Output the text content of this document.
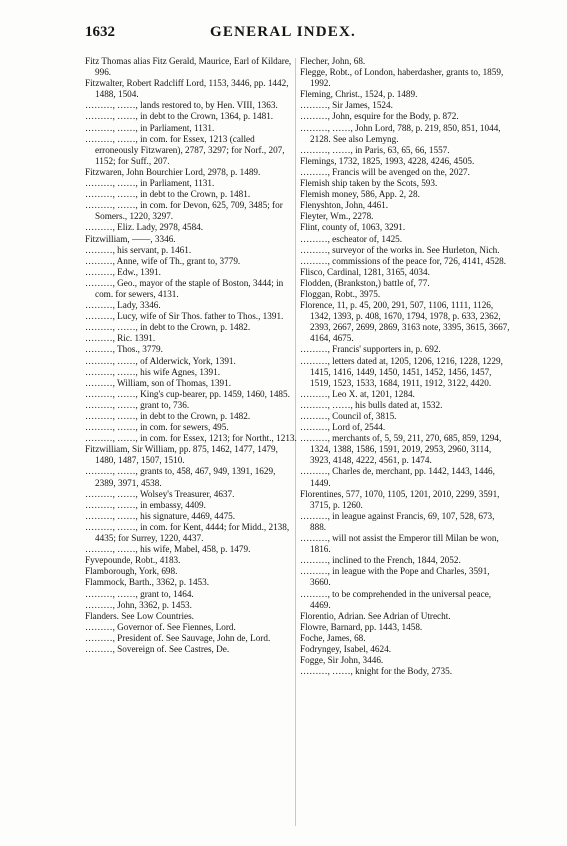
1632	GENERAL INDEX.
Fitz Thomas alias Fitz Gerald, Maurice, Earl of Kildare, 996.
Fitzwalter, Robert Radcliff Lord, 1153, 3446, pp. 1442, 1488, 1504.
………, ……, lands restored to, by Hen. VIII, 1363.
………, ……, in debt to the Crown, 1364, p. 1481.
………, ……, in Parliament, 1131.
………, ……, in com. for Essex, 1213 (called erroneously Fitzwaren), 2787, 3297; for Norf., 207, 1152; for Suff., 207.
Fitzwaren, John Bourchier Lord, 2978, p. 1489.
………, ……, in Parliament, 1131.
………, ……, in debt to the Crown, p. 1481.
………, ……, in com. for Devon, 625, 709, 3485; for Somers., 1220, 3297.
………, Eliz. Lady, 2978, 4584.
Fitzwilliam, ——, 3346.
………, his servant, p. 1461.
………, Anne, wife of Th., grant to, 3779.
………, Edw., 1391.
………, Geo., mayor of the staple of Boston, 3444; in com. for sewers, 4131.
………, Lady, 3346.
………, Lucy, wife of Sir Thos. father to Thos., 1391.
………, ……, in debt to the Crown, p. 1482.
………, Ric. 1391.
………, Thos., 3779.
………, ……, of Alderwick, York, 1391.
………, ……, his wife Agnes, 1391.
………, William, son of Thomas, 1391.
………, ……, King's cup-bearer, pp. 1459, 1460, 1485.
………, ……, grant to, 736.
………, ……, in debt to the Crown, p. 1482.
………, ……, in com. for sewers, 495.
………, ……, in com. for Essex, 1213; for Northt., 1213.
Fitzwilliam, Sir William, pp. 875, 1462, 1477, 1479, 1480, 1487, 1507, 1510.
………, ……, grants to, 458, 467, 949, 1391, 1629, 2389, 3971, 4538.
………, ……, Wolsey's Treasurer, 4637.
………, ……, in embassy, 4409.
………, ……, his signature, 4469, 4475.
………, ……, in com. for Kent, 4444; for Midd., 2138, 4435; for Surrey, 1220, 4437.
………, ……, his wife, Mabel, 458, p. 1479.
Fyvepounde, Robt., 4183.
Flamborough, York, 698.
Flammock, Barth., 3362, p. 1453.
………, ……, grant to, 1464.
………, John, 3362, p. 1453.
Flanders. See Low Countries.
………, Governor of. See Fiennes, Lord.
………, President of. See Sauvage, John de, Lord.
………, Sovereign of. See Castres, De.
Flecher, John, 68.
Flegge, Robt., of London, haberdasher, grants to, 1859, 1992.
Fleming, Christ., 1524, p. 1489.
………, Sir James, 1524.
………, John, esquire for the Body, p. 872.
………, ……, John Lord, 788, p. 219, 850, 851, 1044, 2128. See also Lemyng.
………, ……, in Paris, 63, 65, 66, 1557.
Flemings, 1732, 1825, 1993, 4228, 4246, 4505.
………, Francis will be avenged on the, 2027.
Flemish ship taken by the Scots, 593.
Flemish money, 586, App. 2, 28.
Flenyshton, John, 4461.
Fleyter, Wm., 2278.
Flint, county of, 1063, 3291.
………, escheator of, 1425.
………, surveyor of the works in. See Hurleton, Nich.
………, commissions of the peace for, 726, 4141, 4528.
Flisco, Cardinal, 1281, 3165, 4034.
Flodden, (Brankston,) battle of, 77.
Floggan, Robt., 3975.
Florence, 11, p. 45, 200, 291, 507, 1106, 1111, 1126, 1342, 1393, p. 408, 1670, 1794, 1978, p. 633, 2362, 2393, 2667, 2699, 2869, 3163 note, 3395, 3615, 3667, 4164, 4675.
………, Francis' supporters in, p. 692.
………, letters dated at, 1205, 1206, 1216, 1228, 1229, 1415, 1416, 1449, 1450, 1451, 1452, 1456, 1457, 1519, 1523, 1533, 1684, 1911, 1912, 3122, 4420.
………, Leo X. at, 1201, 1284.
………, ……, his bulls dated at, 1532.
………, Council of, 3815.
………, Lord of, 2544.
………, merchants of, 5, 59, 211, 270, 685, 859, 1294, 1324, 1388, 1586, 1591, 2019, 2953, 2960, 3114, 3923, 4148, 4222, 4561, p. 1474.
………, Charles de, merchant, pp. 1442, 1443, 1446, 1449.
Florentines, 577, 1070, 1105, 1201, 2010, 2299, 3591, 3715, p. 1260.
………, in league against Francis, 69, 107, 528, 673, 888.
………, will not assist the Emperor till Milan be won, 1816.
………, inclined to the French, 1844, 2052.
………, in league with the Pope and Charles, 3591, 3660.
………, to be comprehended in the universal peace, 4469.
Florentio, Adrian. See Adrian of Utrecht.
Flowre, Barnard, pp. 1443, 1458.
Foche, James, 68.
Fodryngey, Isabel, 4624.
Fogge, Sir John, 3446.
………, ……, knight for the Body, 2735.
